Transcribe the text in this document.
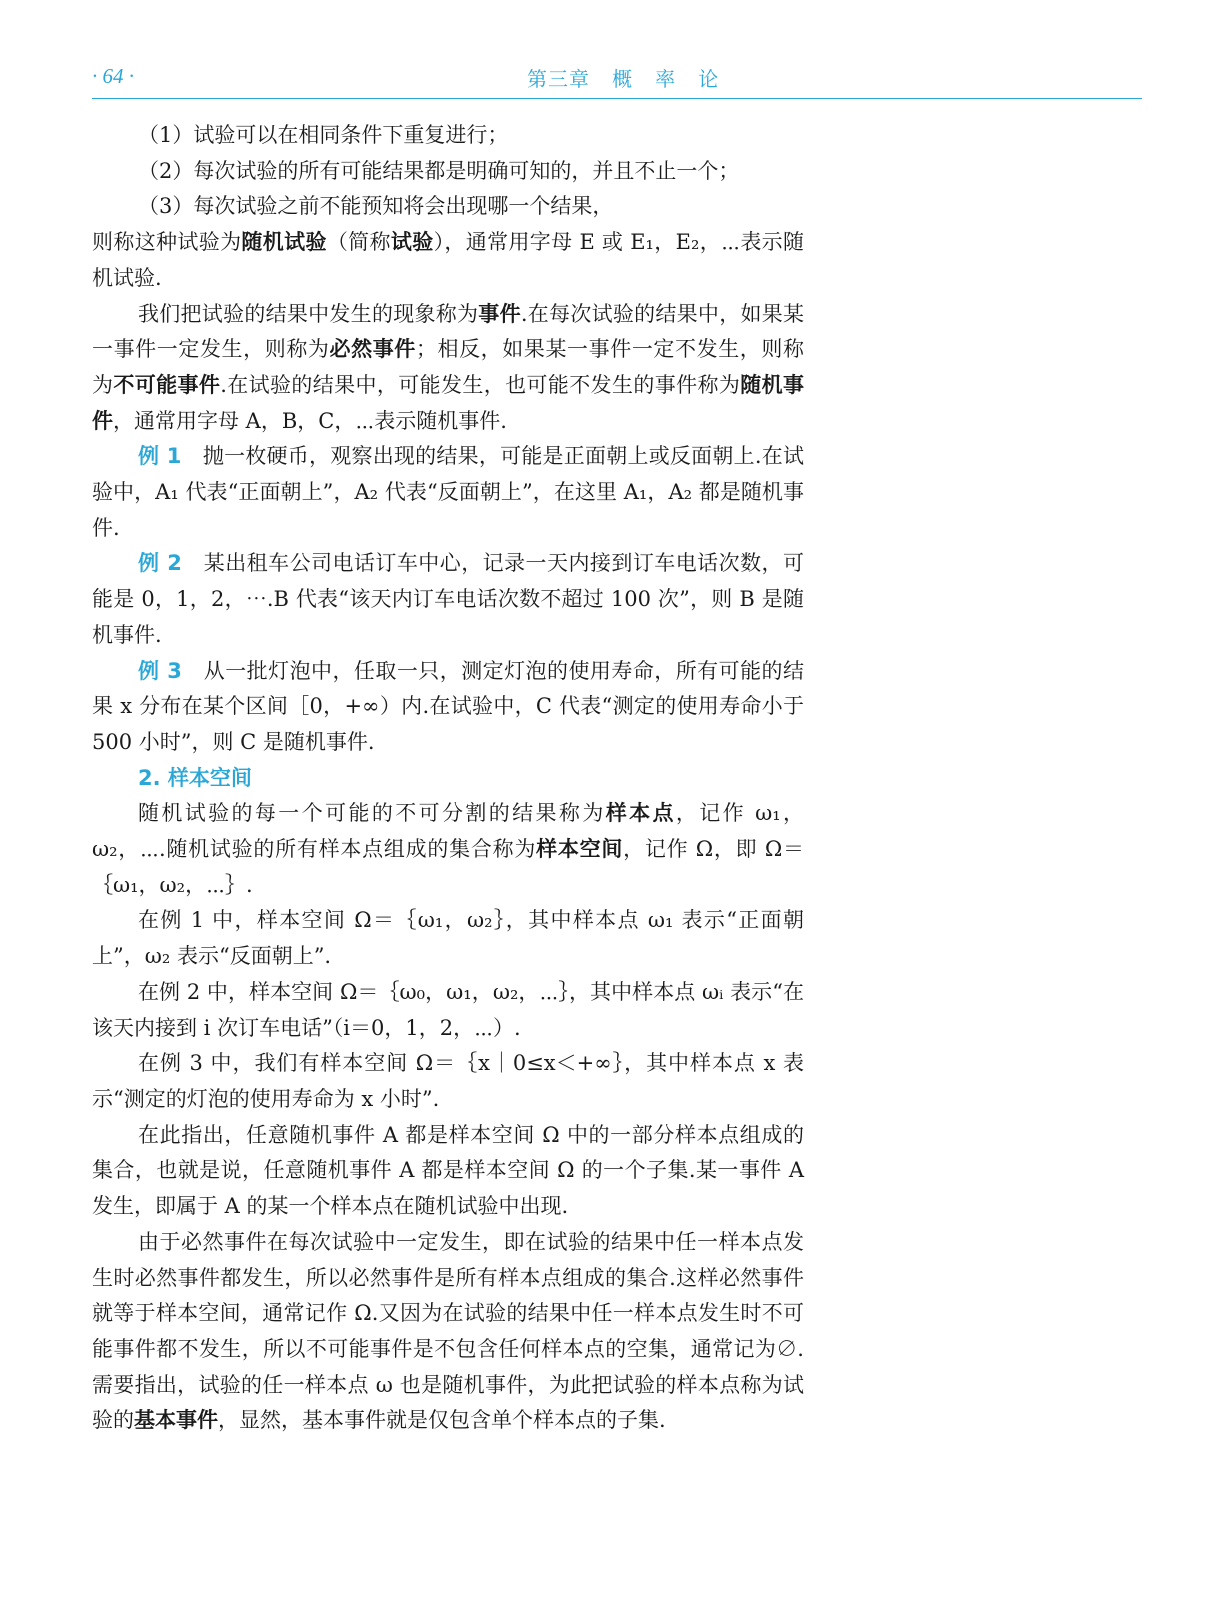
· 64 ·	第三章   概   率   论

（1）试验可以在相同条件下重复进行；

（2）每次试验的所有可能结果都是明确可知的，并且不止一个；

（3）每次试验之前不能预知将会出现哪一个结果，

则称这种试验为随机试验（简称试验），通常用字母 E 或 E₁，E₂，⋯表示随机试验.

我们把试验的结果中发生的现象称为事件.在每次试验的结果中，如果某一事件一定发生，则称为必然事件；相反，如果某一事件一定不发生，则称为不可能事件.在试验的结果中，可能发生，也可能不发生的事件称为随机事件，通常用字母 A，B，C，⋯表示随机事件.

例 1　抛一枚硬币，观察出现的结果，可能是正面朝上或反面朝上.在试验中，A₁ 代表“正面朝上”，A₂ 代表“反面朝上”，在这里 A₁，A₂ 都是随机事件.

例 2　某出租车公司电话订车中心，记录一天内接到订车电话次数，可能是 0，1，2，⋯.B 代表“该天内订车电话次数不超过 100 次”，则 B 是随机事件.

例 3　从一批灯泡中，任取一只，测定灯泡的使用寿命，所有可能的结果 x 分布在某个区间［0，+∞）内.在试验中，C 代表“测定的使用寿命小于 500 小时”，则 C 是随机事件.

2. 样本空间

随机试验的每一个可能的不可分割的结果称为样本点，记作 ω₁，ω₂，⋯.随机试验的所有样本点组成的集合称为样本空间，记作 Ω，即 Ω＝｛ω₁，ω₂，⋯｝.

在例 1 中，样本空间 Ω＝｛ω₁，ω₂｝，其中样本点 ω₁ 表示“正面朝上”，ω₂ 表示“反面朝上”.

在例 2 中，样本空间 Ω＝｛ω₀，ω₁，ω₂，⋯｝，其中样本点 ωᵢ 表示“在该天内接到 i 次订车电话”（i＝0，1，2，⋯）.

在例 3 中，我们有样本空间 Ω＝｛x｜0≤x＜+∞｝，其中样本点 x 表示“测定的灯泡的使用寿命为 x 小时”.

在此指出，任意随机事件 A 都是样本空间 Ω 中的一部分样本点组成的集合，也就是说，任意随机事件 A 都是样本空间 Ω 的一个子集.某一事件 A 发生，即属于 A 的某一个样本点在随机试验中出现.

由于必然事件在每次试验中一定发生，即在试验的结果中任一样本点发生时必然事件都发生，所以必然事件是所有样本点组成的集合.这样必然事件就等于样本空间，通常记作 Ω.又因为在试验的结果中任一样本点发生时不可能事件都不发生，所以不可能事件是不包含任何样本点的空集，通常记为∅.需要指出，试验的任一样本点 ω 也是随机事件，为此把试验的样本点称为试验的基本事件，显然，基本事件就是仅包含单个样本点的子集.
